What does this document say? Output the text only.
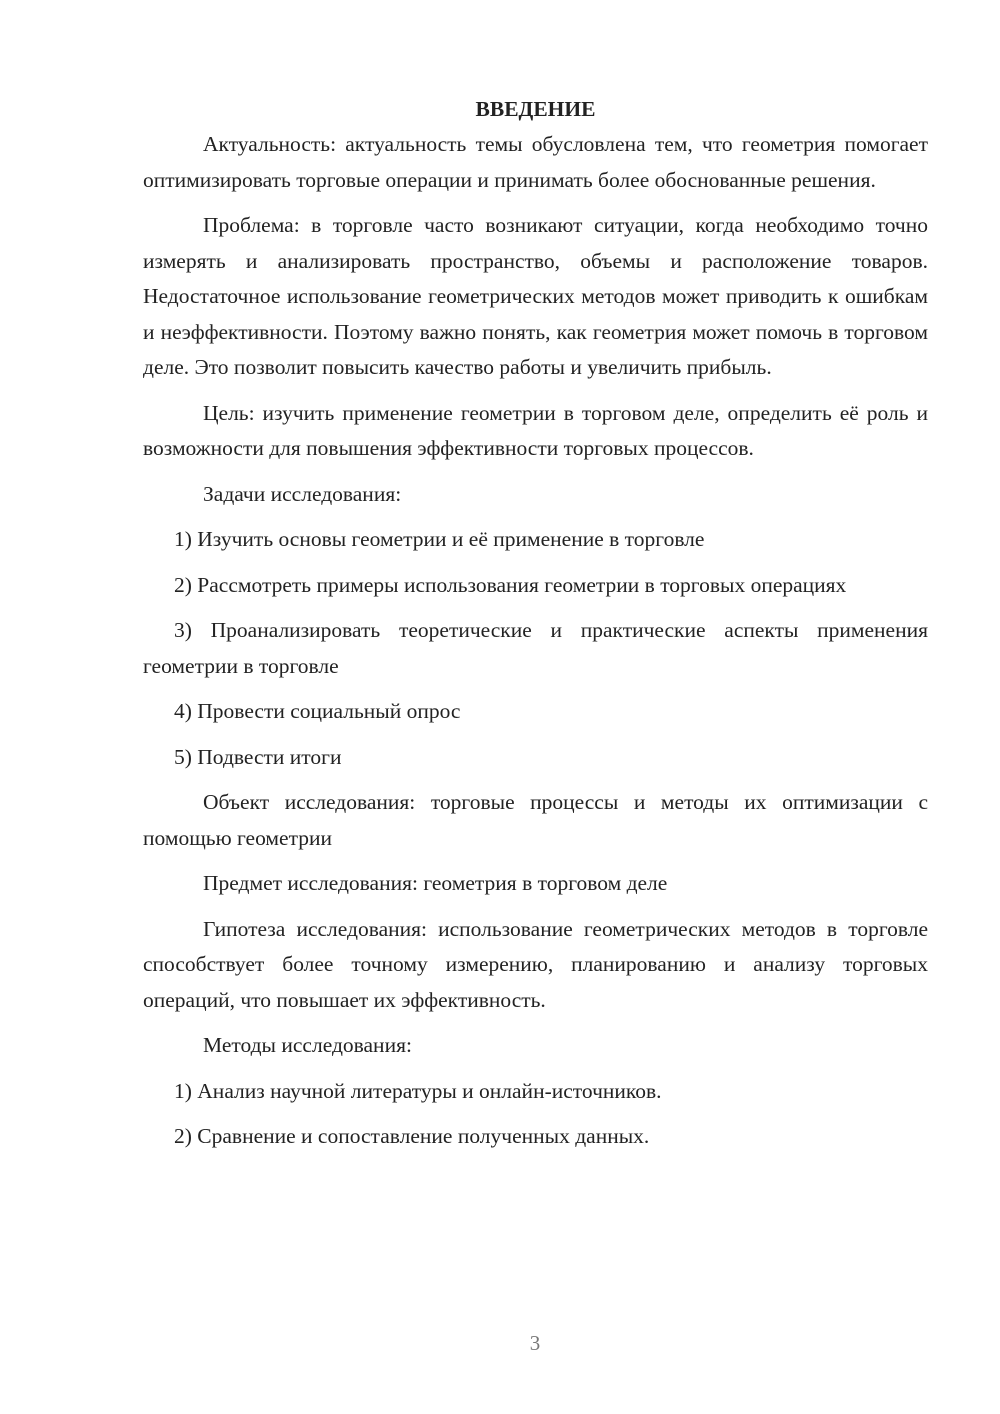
ВВЕДЕНИЕ
Актуальность: актуальность темы обусловлена тем, что геометрия помогает оптимизировать торговые операции и принимать более обоснованные решения.
Проблема: в торговле часто возникают ситуации, когда необходимо точно измерять и анализировать пространство, объемы и расположение товаров. Недостаточное использование геометрических методов может приводить к ошибкам и неэффективности. Поэтому важно понять, как геометрия может помочь в торговом деле. Это позволит повысить качество работы и увеличить прибыль.
Цель: изучить применение геометрии в торговом деле, определить её роль и возможности для повышения эффективности торговых процессов.
Задачи исследования:
1) Изучить основы геометрии и её применение в торговле
2) Рассмотреть примеры использования геометрии в торговых операциях
3) Проанализировать теоретические и практические аспекты применения геометрии в торговле
4) Провести социальный опрос
5) Подвести итоги
Объект исследования: торговые процессы и методы их оптимизации с помощью геометрии
Предмет исследования: геометрия в торговом деле
Гипотеза исследования: использование геометрических методов в торговле способствует более точному измерению, планированию и анализу торговых операций, что повышает их эффективность.
Методы исследования:
1) Анализ научной литературы и онлайн-источников.
2) Сравнение и сопоставление полученных данных.
3
